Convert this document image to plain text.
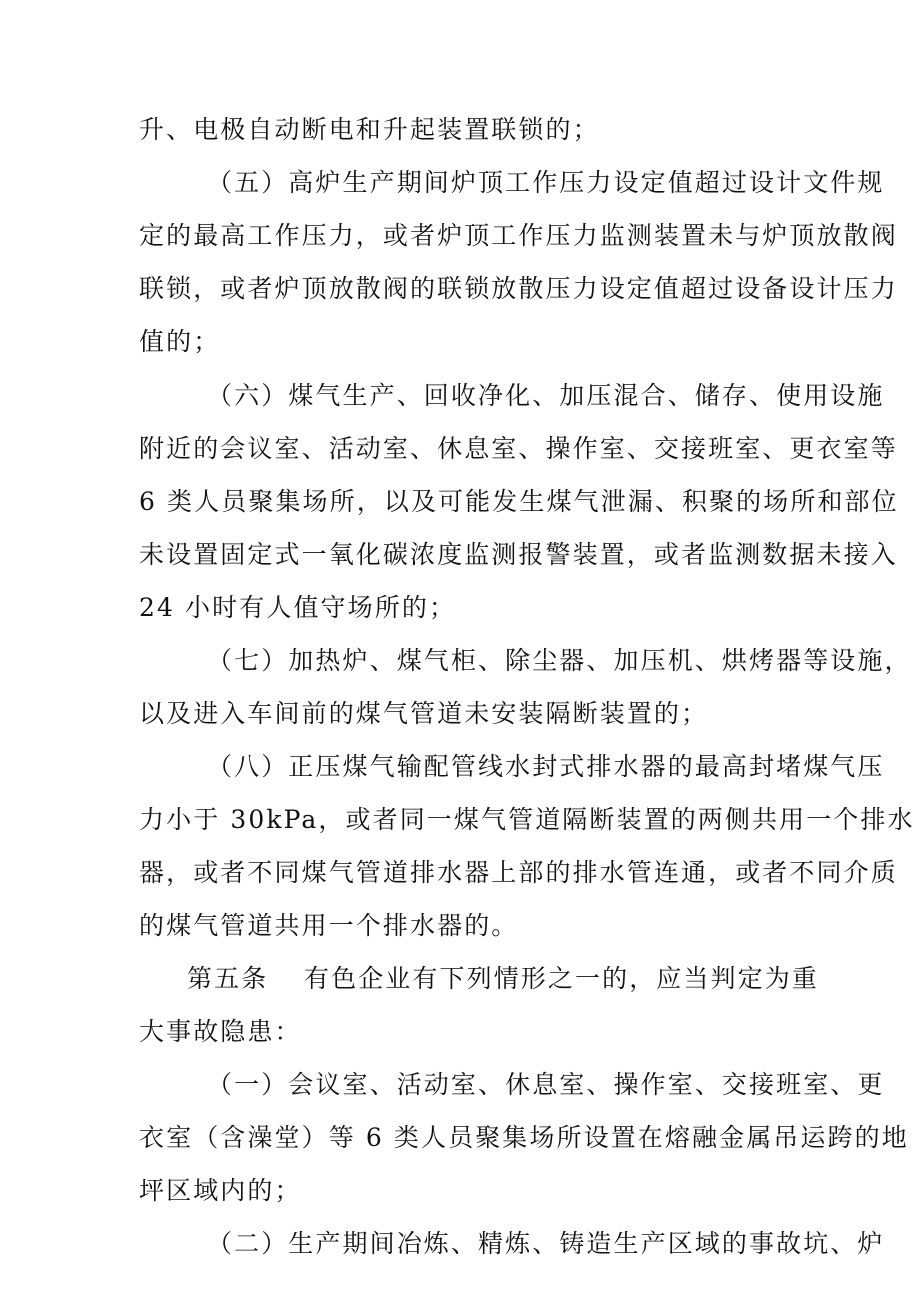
升、电极自动断电和升起装置联锁的；
（五）高炉生产期间炉顶工作压力设定值超过设计文件规
定的最高工作压力，或者炉顶工作压力监测装置未与炉顶放散阀
联锁，或者炉顶放散阀的联锁放散压力设定值超过设备设计压力
值的；
（六）煤气生产、回收净化、加压混合、储存、使用设施
附近的会议室、活动室、休息室、操作室、交接班室、更衣室等
6 类人员聚集场所，以及可能发生煤气泄漏、积聚的场所和部位
未设置固定式一氧化碳浓度监测报警装置，或者监测数据未接入
24 小时有人值守场所的；
（七）加热炉、煤气柜、除尘器、加压机、烘烤器等设施，
以及进入车间前的煤气管道未安装隔断装置的；
（八）正压煤气输配管线水封式排水器的最高封堵煤气压
力小于 30kPa，或者同一煤气管道隔断装置的两侧共用一个排水
器，或者不同煤气管道排水器上部的排水管连通，或者不同介质
的煤气管道共用一个排水器的。
第五条 有色企业有下列情形之一的，应当判定为重
大事故隐患：
（一）会议室、活动室、休息室、操作室、交接班室、更
衣室（含澡堂）等 6 类人员聚集场所设置在熔融金属吊运跨的地
坪区域内的；
（二）生产期间冶炼、精炼、铸造生产区域的事故坑、炉
